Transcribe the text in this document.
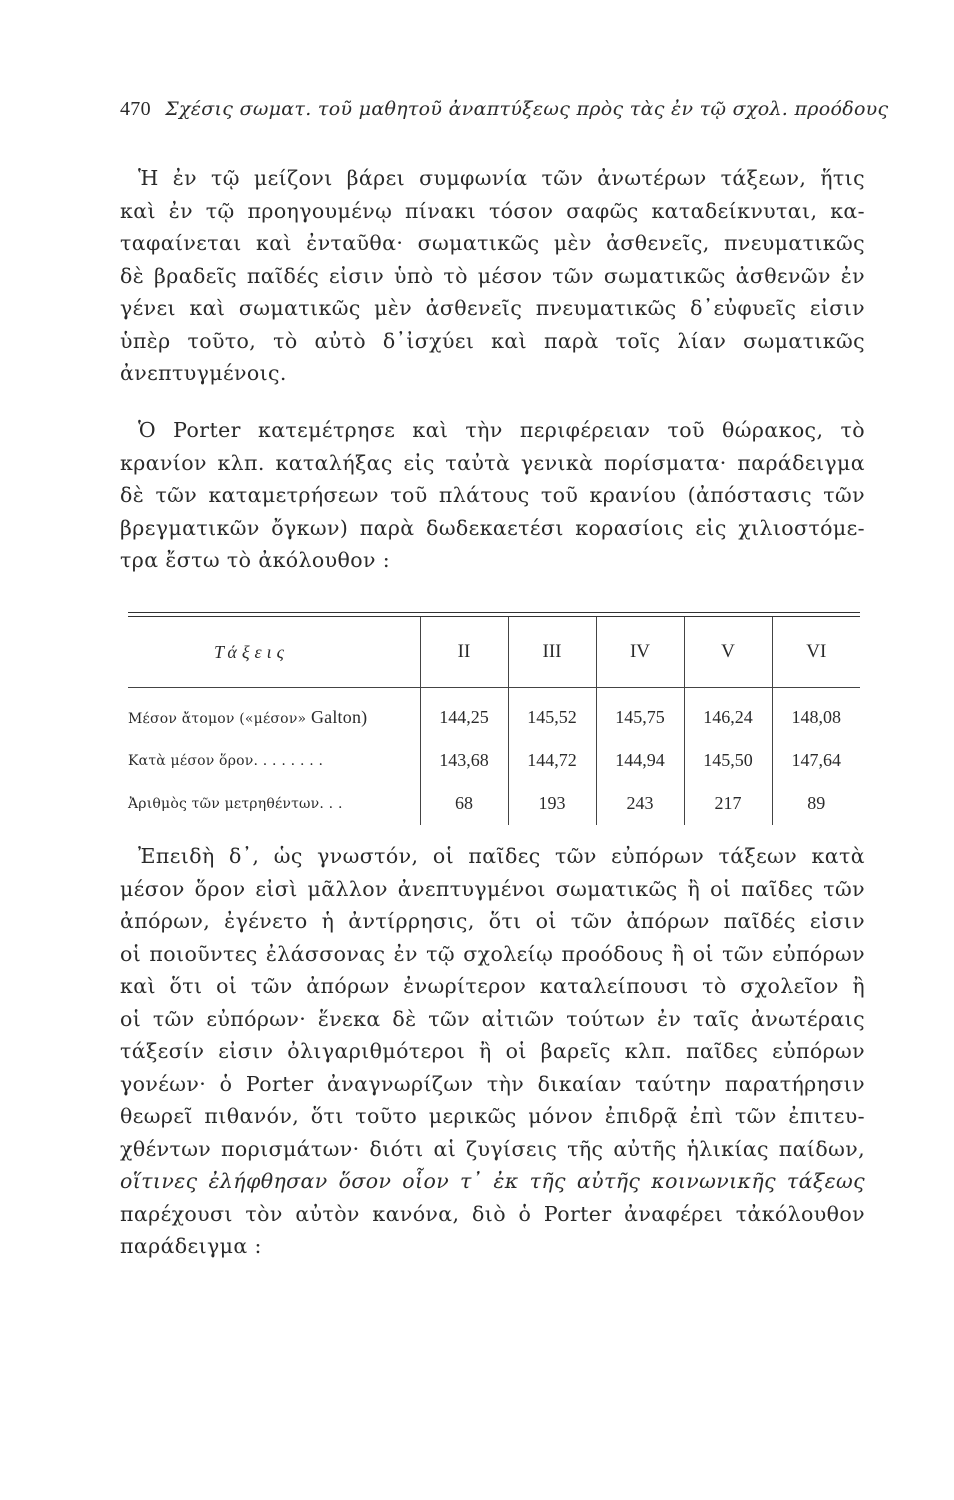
470 Σχέσις σωματ. τοῦ μαθητοῦ ἀναπτύξεως πρὸς τὰς ἐν τῷ σχολ. προόδους
Ἡ ἐν τῷ μείζονι βάρει συμφωνία τῶν ἀνωτέρων τάξεων, ἥτις
καὶ ἐν τῷ προηγουμένῳ πίνακι τόσον σαφῶς καταδείκνυται, κα-
ταφαίνεται καὶ ἐνταῦθα· σωματικῶς μὲν ἀσθενεῖς, πνευματικῶς
δὲ βραδεῖς παῖδές εἰσιν ὑπὸ τὸ μέσον τῶν σωματικῶς ἀσθενῶν ἐν
γένει καὶ σωματικῶς μὲν ἀσθενεῖς πνευματικῶς δ᾽εὐφυεῖς εἰσιν
ὑπὲρ τοῦτο, τὸ αὐτὸ δ᾽ἰσχύει καὶ παρὰ τοῖς λίαν σωματικῶς
ἀνεπτυγμένοις.
Ὁ Porter κατεμέτρησε καὶ τὴν περιφέρειαν τοῦ θώρακος, τὸ
κρανίον κλπ. καταλήξας εἰς ταὐτὰ γενικὰ πορίσματα· παράδειγμα
δὲ τῶν καταμετρήσεων τοῦ πλάτους τοῦ κρανίου (ἀπόστασις τῶν
βρεγματικῶν ὄγκων) παρὰ δωδεκαετέσι κορασίοις εἰς χιλιοστόμε-
τρα ἔστω τὸ ἀκόλουθον :
Τάξεις	II	III	IV	V	VI

Μέσον ἄτομον («μέσον» Galton)	144,25	145,52	145,75	146,24	148,08
Κατὰ μέσον ὅρον. . . . . . . .	143,68	144,72	144,94	145,50	147,64
Ἀριθμὸς τῶν μετρηθέντων. . .	68	193	243	217	89
Ἐπειδὴ δ᾽, ὡς γνωστόν, οἱ παῖδες τῶν εὐπόρων τάξεων κατὰ
μέσον ὅρον εἰσὶ μᾶλλον ἀνεπτυγμένοι σωματικῶς ἢ οἱ παῖδες τῶν
ἀπόρων, ἐγένετο ἡ ἀντίρρησις, ὅτι οἱ τῶν ἀπόρων παῖδές εἰσιν
οἱ ποιοῦντες ἐλάσσονας ἐν τῷ σχολείῳ προόδους ἢ οἱ τῶν εὐπόρων
καὶ ὅτι οἱ τῶν ἀπόρων ἐνωρίτερον καταλείπουσι τὸ σχολεῖον ἢ
οἱ τῶν εὐπόρων· ἕνεκα δὲ τῶν αἰτιῶν τούτων ἐν ταῖς ἀνωτέραις
τάξεσίν εἰσιν ὀλιγαριθμότεροι ἢ οἱ βαρεῖς κλπ. παῖδες εὐπόρων
γονέων· ὁ Porter ἀναγνωρίζων τὴν δικαίαν ταύτην παρατήρησιν
θεωρεῖ πιθανόν, ὅτι τοῦτο μερικῶς μόνον ἐπιδρᾷ ἐπὶ τῶν ἐπιτευ-
χθέντων πορισμάτων· διότι αἱ ζυγίσεις τῆς αὐτῆς ἡλικίας παίδων,
οἵτινες ἐλήφθησαν ὅσον οἷον τ᾽ ἐκ τῆς αὐτῆς κοινωνικῆς τάξεως
παρέχουσι τὸν αὐτὸν κανόνα, διὸ ὁ Porter ἀναφέρει τἀκόλουθον
παράδειγμα :
